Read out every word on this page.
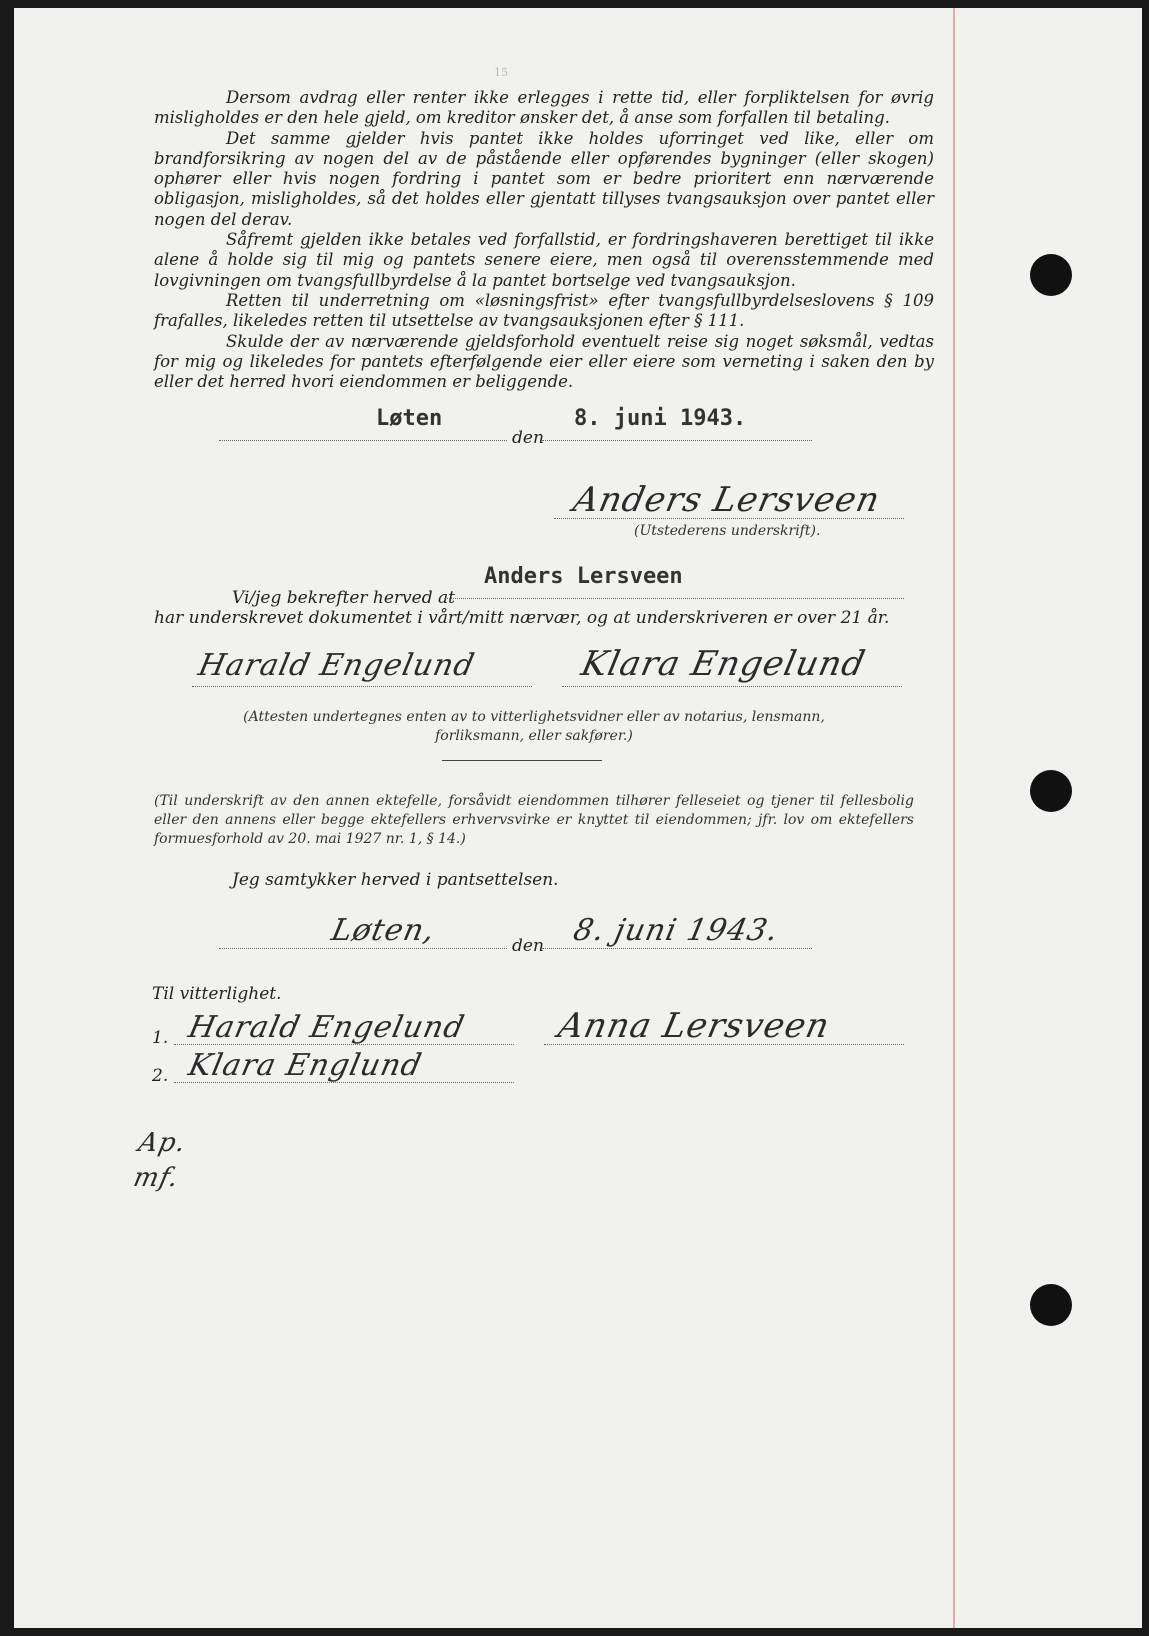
15

Dersom avdrag eller renter ikke erlegges i rette tid, eller forpliktelsen for øvrig misligholdes er den hele gjeld, om kreditor ønsker det, å anse som forfallen til betaling.

Det samme gjelder hvis pantet ikke holdes uforringet ved like, eller om brandforsikring av nogen del av de påstående eller opførendes bygninger (eller skogen) ophører eller hvis nogen fordring i pantet som er bedre prioritert enn nærværende obligasjon, misligholdes, så det holdes eller gjentatt tillyses tvangsauksjon over pantet eller nogen del derav.

Såfremt gjelden ikke betales ved forfallstid, er fordringshaveren berettiget til ikke alene å holde sig til mig og pantets senere eiere, men også til overensstemmende med lovgivningen om tvangsfullbyrdelse å la pantet bortselge ved tvangsauksjon.

Retten til underretning om «løsningsfrist» efter tvangsfullbyrdelseslovens § 109 frafalles, likeledes retten til utsettelse av tvangsauksjonen efter § 111.

Skulde der av nærværende gjeldsforhold eventuelt reise sig noget søksmål, vedtas for mig og likeledes for pantets efterfølgende eier eller eiere som verneting i saken den by eller det herred hvori eiendommen er beliggende.

Løten
den
8. juni 1943.
Anders Lersveen
(Utstederens underskrift).
Vi/jeg bekrefter herved at
Anders Lersveen
har underskrevet dokumentet i vårt/mitt nærvær, og at underskriveren er over 21 år.
Harald Engelund	Klara Engelund
(Attesten undertegnes enten av to vitterlighetsvidner eller av notarius, lensmann, forliksmann, eller sakfører.)
(Til underskrift av den annen ektefelle, forsåvidt eiendommen tilhører felleseiet og tjener til fellesbolig eller den annens eller begge ektefellers erhvervsvirke er knyttet til eiendommen; jfr. lov om ektefellers formuesforhold av 20. mai 1927 nr. 1, § 14.)
Jeg samtykker herved i pantsettelsen.
Løten,	den 8. juni 1943.
Til vitterlighet.
1. Harald Engelund
2. Klara Englund
Anna Lersveen
Ap.
mf.
